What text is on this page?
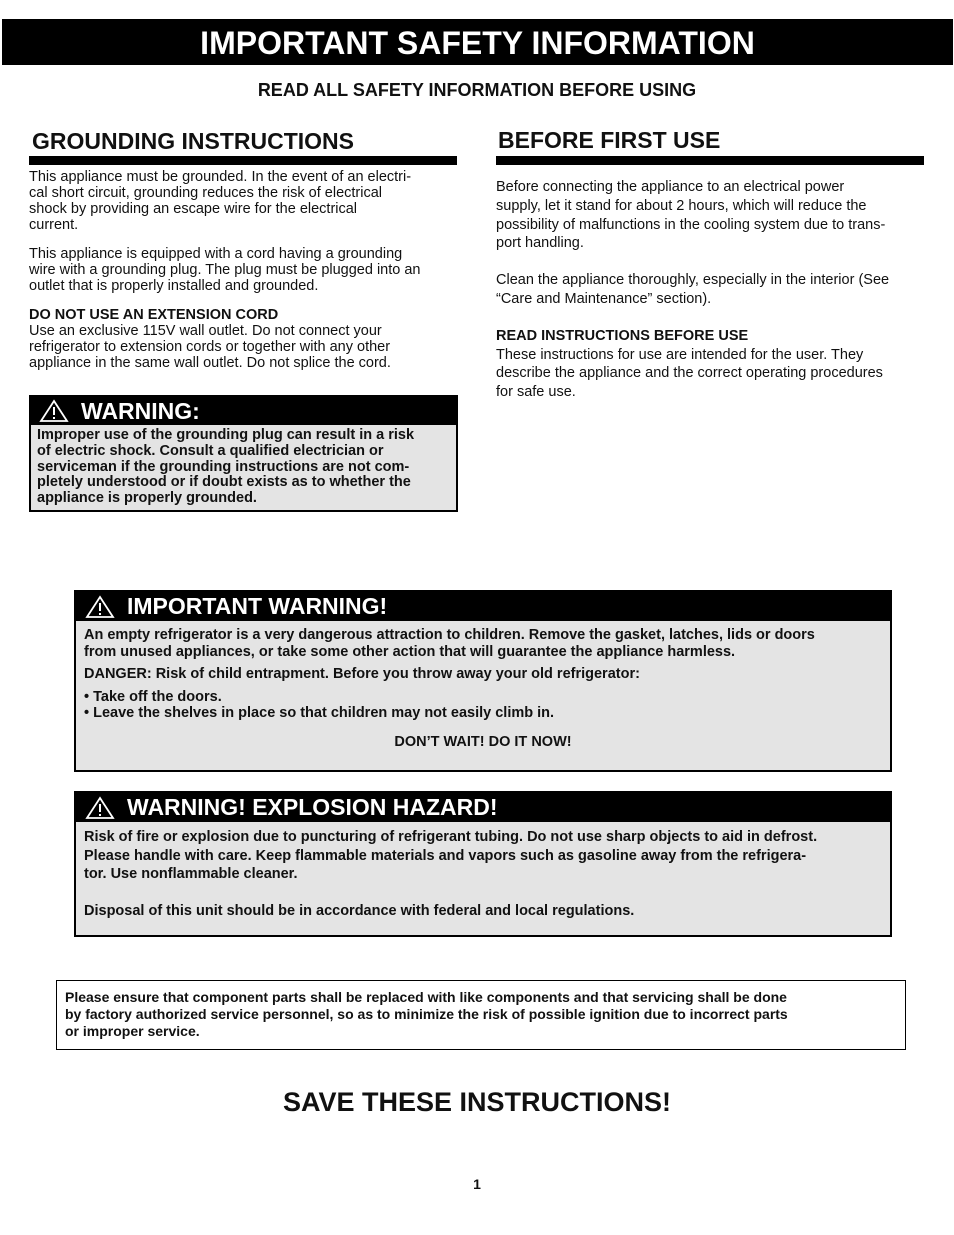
IMPORTANT SAFETY INFORMATION
READ ALL SAFETY INFORMATION BEFORE USING
GROUNDING INSTRUCTIONS

This appliance must be grounded. In the event of an electri-
cal short circuit, grounding reduces the risk of electrical
shock by providing an escape wire for the electrical
current.

This appliance is equipped with a cord having a grounding
wire with a grounding plug. The plug must be plugged into an
outlet that is properly installed and grounded.

DO NOT USE AN EXTENSION CORD

Use an exclusive 115V wall outlet. Do not connect your
refrigerator to extension cords or together with any other
appliance in the same wall outlet. Do not splice the cord.

WARNING:
Improper use of the grounding plug can result in a risk
of electric shock. Consult a qualified electrician or
serviceman if the grounding instructions are not com-
pletely understood or if doubt exists as to whether the
appliance is properly grounded.
BEFORE FIRST USE

Before connecting the appliance to an electrical power
supply, let it stand for about 2 hours, which will reduce the
possibility of malfunctions in the cooling system due to trans-
port handling.

Clean the appliance thoroughly, especially in the interior (See
“Care and Maintenance” section).

READ INSTRUCTIONS BEFORE USE

These instructions for use are intended for the user. They
describe the appliance and the correct operating procedures
for safe use.

IMPORTANT WARNING!

An empty refrigerator is a very dangerous attraction to children. Remove the gasket, latches, lids or doors
from unused appliances, or take some other action that will guarantee the appliance harmless.

DANGER: Risk of child entrapment. Before you throw away your old refrigerator:

• Take off the doors.
• Leave the shelves in place so that children may not easily climb in.

DON’T WAIT! DO IT NOW!

WARNING! EXPLOSION HAZARD!

Risk of fire or explosion due to puncturing of refrigerant tubing. Do not use sharp objects to aid in defrost.
Please handle with care. Keep flammable materials and vapors such as gasoline away from the refrigera-
tor. Use nonflammable cleaner.

Disposal of this unit should be in accordance with federal and local regulations.

Please ensure that component parts shall be replaced with like components and that servicing shall be done
by factory authorized service personnel, so as to minimize the risk of possible ignition due to incorrect parts
or improper service.
SAVE THESE INSTRUCTIONS!
1
